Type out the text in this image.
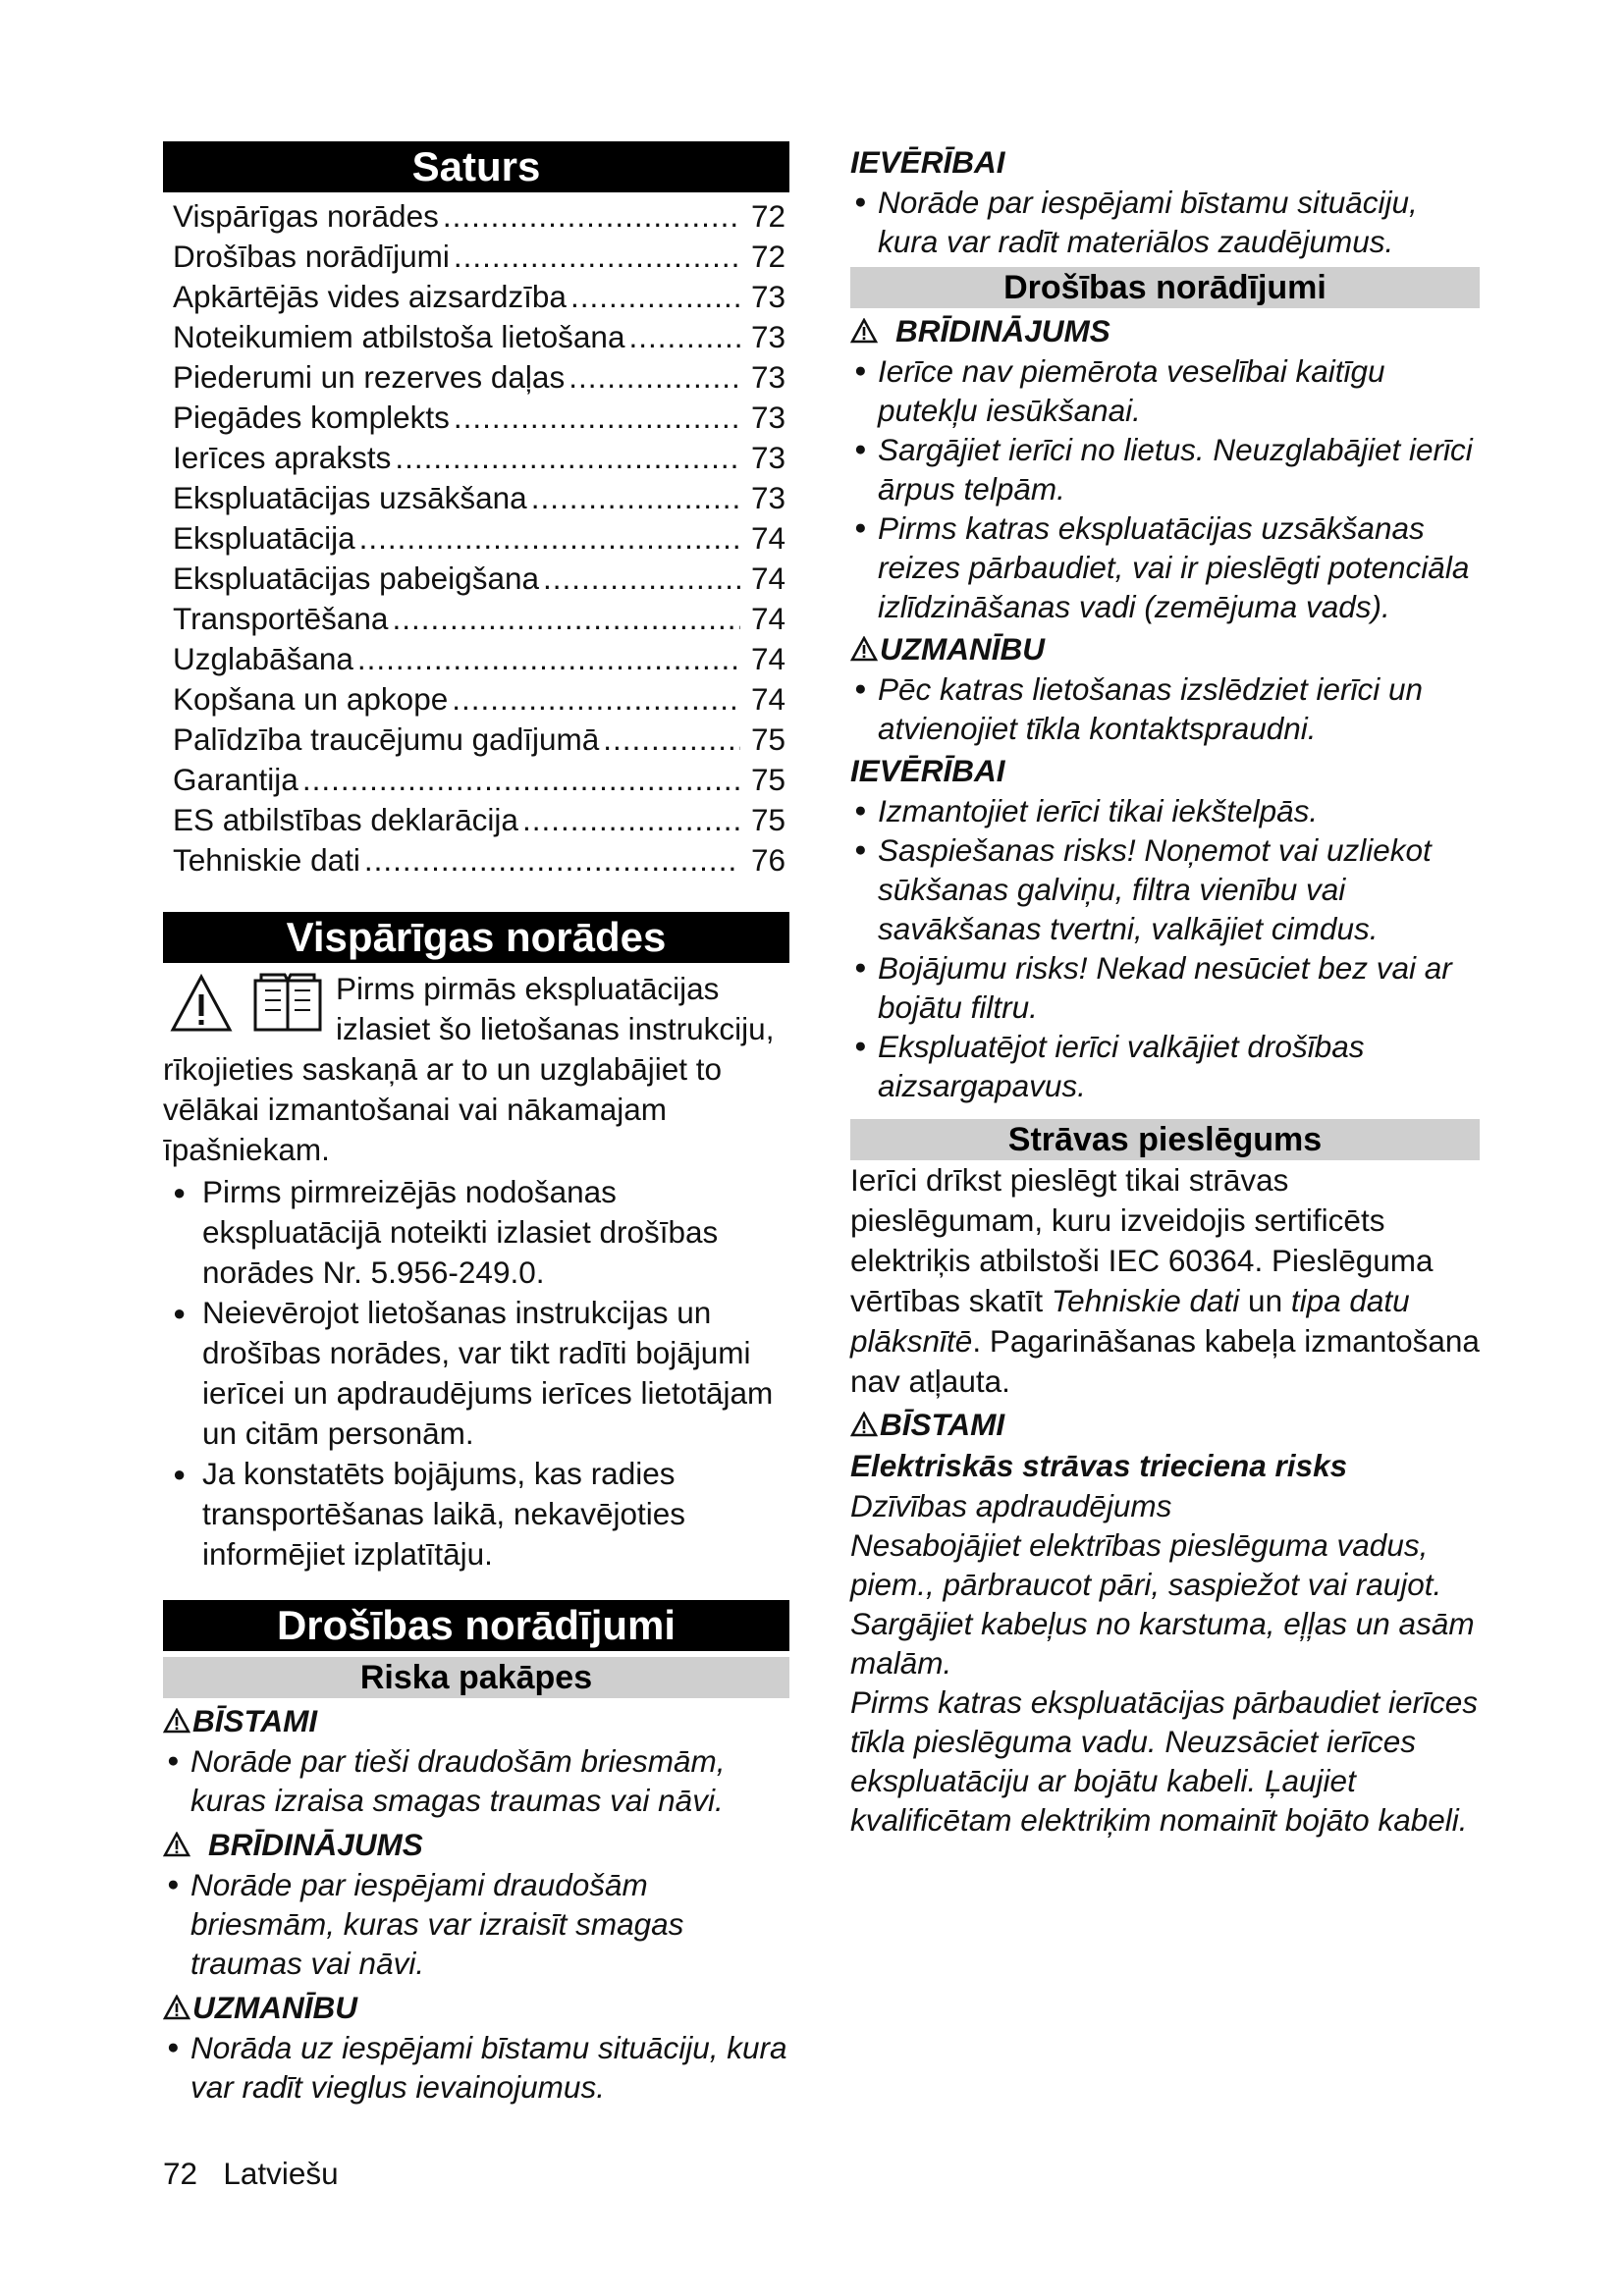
Saturs
Vispārīgas norādes .....	72
Drošības norādījumi .....	72
Apkārtējās vides aizsardzība .....	73
Noteikumiem atbilstoša lietošana .....	73
Piederumi un rezerves daļas .....	73
Piegādes komplekts .....	73
Ierīces apraksts .....	73
Ekspluatācijas uzsākšana .....	73
Ekspluatācija .....	74
Ekspluatācijas pabeigšana .....	74
Transportēšana .....	74
Uzglabāšana .....	74
Kopšana un apkope .....	74
Palīdzība traucējumu gadījumā .....	75
Garantija .....	75
ES atbilstības deklarācija .....	75
Tehniskie dati .....	76
Vispārīgas norādes

Pirms pirmās ekspluatācijas izlasiet šo lietošanas instrukciju, rīkojieties saskaņā ar to un uzglabājiet to vēlākai izmantošanai vai nākamajam īpašniekam.

● Pirms pirmreizējās nodošanas ekspluatācijā noteikti izlasiet drošības norādes Nr. 5.956-249.0.
● Neievērojot lietošanas instrukcijas un drošības norādes, var tikt radīti bojājumi ierīcei un apdraudējums ierīces lietotājam un citām personām.
● Ja konstatēts bojājums, kas radies transportēšanas laikā, nekavējoties informējiet izplatītāju.
Drošības norādījumi
Riska pakāpes
BĪSTAMI
● Norāde par tieši draudošām briesmām, kuras izraisa smagas traumas vai nāvi.
BRĪDINĀJUMS
● Norāde par iespējami draudošām briesmām, kuras var izraisīt smagas traumas vai nāvi.
UZMANĪBU
● Norāda uz iespējami bīstamu situāciju, kura var radīt vieglus ievainojumus.
IEVĒRĪBAI
● Norāde par iespējami bīstamu situāciju, kura var radīt materiālos zaudējumus.
Drošības norādījumi
BRĪDINĀJUMS
● Ierīce nav piemērota veselībai kaitīgu putekļu iesūkšanai.
● Sargājiet ierīci no lietus. Neuzglabājiet ierīci ārpus telpām.
● Pirms katras ekspluatācijas uzsākšanas reizes pārbaudiet, vai ir pieslēgti potenciāla izlīdzināšanas vadi (zemējuma vads).
UZMANĪBU
● Pēc katras lietošanas izslēdziet ierīci un atvienojiet tīkla kontaktspraudni.
IEVĒRĪBAI
● Izmantojiet ierīci tikai iekštelpās.
● Saspiešanas risks! Noņemot vai uzliekot sūkšanas galviņu, filtra vienību vai savākšanas tvertni, valkājiet cimdus.
● Bojājumu risks! Nekad nesūciet bez vai ar bojātu filtru.
● Ekspluatējot ierīci valkājiet drošības aizsargapavus.
Strāvas pieslēgums

Ierīci drīkst pieslēgt tikai strāvas pieslēgumam, kuru izveidojis sertificēts elektriķis atbilstoši IEC 60364. Pieslēguma vērtības skatīt Tehniskie dati un tipa datu plāksnītē. Pagarināšanas kabeļa izmantošana nav atļauta.

BĪSTAMI
Elektriskās strāvas trieciena risks

Dzīvības apdraudējums

Nesabojājiet elektrības pieslēguma vadus, piem., pārbraucot pāri, saspiežot vai raujot. Sargājiet kabeļus no karstuma, eļļas un asām malām.

Pirms katras ekspluatācijas pārbaudiet ierīces tīkla pieslēguma vadu. Neuzsāciet ierīces ekspluatāciju ar bojātu kabeli. Ļaujiet kvalificētam elektriķim nomainīt bojāto kabeli.

72 Latviešu
